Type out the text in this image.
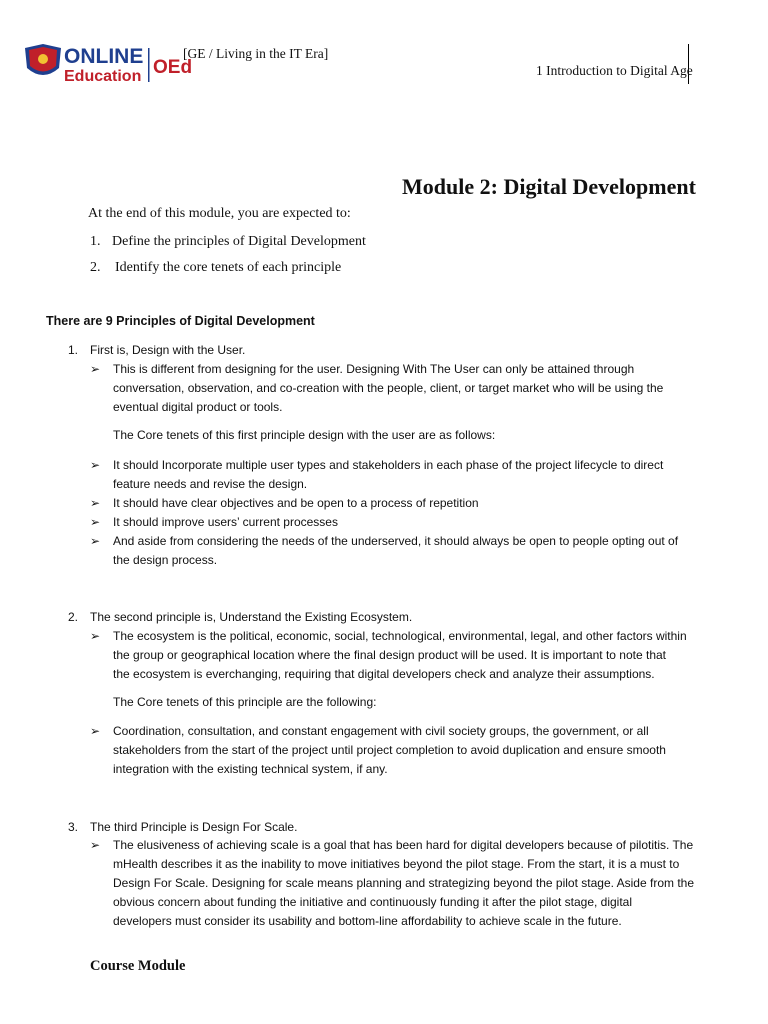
ONLINE
Education OEd
[GE / Living in the IT Era]
1 Introduction to Digital Age
Module 2: Digital Development
At the end of this module, you are expected to:
1. Define the principles of Digital Development
2. Identify the core tenets of each principle
There are 9 Principles of Digital Development
1. First is, Design with the User.
➢ This is different from designing for the user. Designing With The User can only be attained through
conversation, observation, and co-creation with the people, client, or target market who will be using the
eventual digital product or tools.
The Core tenets of this first principle design with the user are as follows:
➢ It should Incorporate multiple user types and stakeholders in each phase of the project lifecycle to direct
feature needs and revise the design.
➢ It should have clear objectives and be open to a process of repetition
➢ It should improve users’ current processes
➢ And aside from considering the needs of the underserved, it should always be open to people opting out of
the design process.
2. The second principle is, Understand the Existing Ecosystem.
➢ The ecosystem is the political, economic, social, technological, environmental, legal, and other factors within
the group or geographical location where the final design product will be used. It is important to note that
the ecosystem is everchanging, requiring that digital developers check and analyze their assumptions.
The Core tenets of this principle are the following:
➢ Coordination, consultation, and constant engagement with civil society groups, the government, or all
stakeholders from the start of the project until project completion to avoid duplication and ensure smooth
integration with the existing technical system, if any.
3. The third Principle is Design For Scale.
➢ The elusiveness of achieving scale is a goal that has been hard for digital developers because of pilotitis. The
mHealth describes it as the inability to move initiatives beyond the pilot stage. From the start, it is a must to
Design For Scale. Designing for scale means planning and strategizing beyond the pilot stage. Aside from the
obvious concern about funding the initiative and continuously funding it after the pilot stage, digital
developers must consider its usability and bottom-line affordability to achieve scale in the future.
Course Module
